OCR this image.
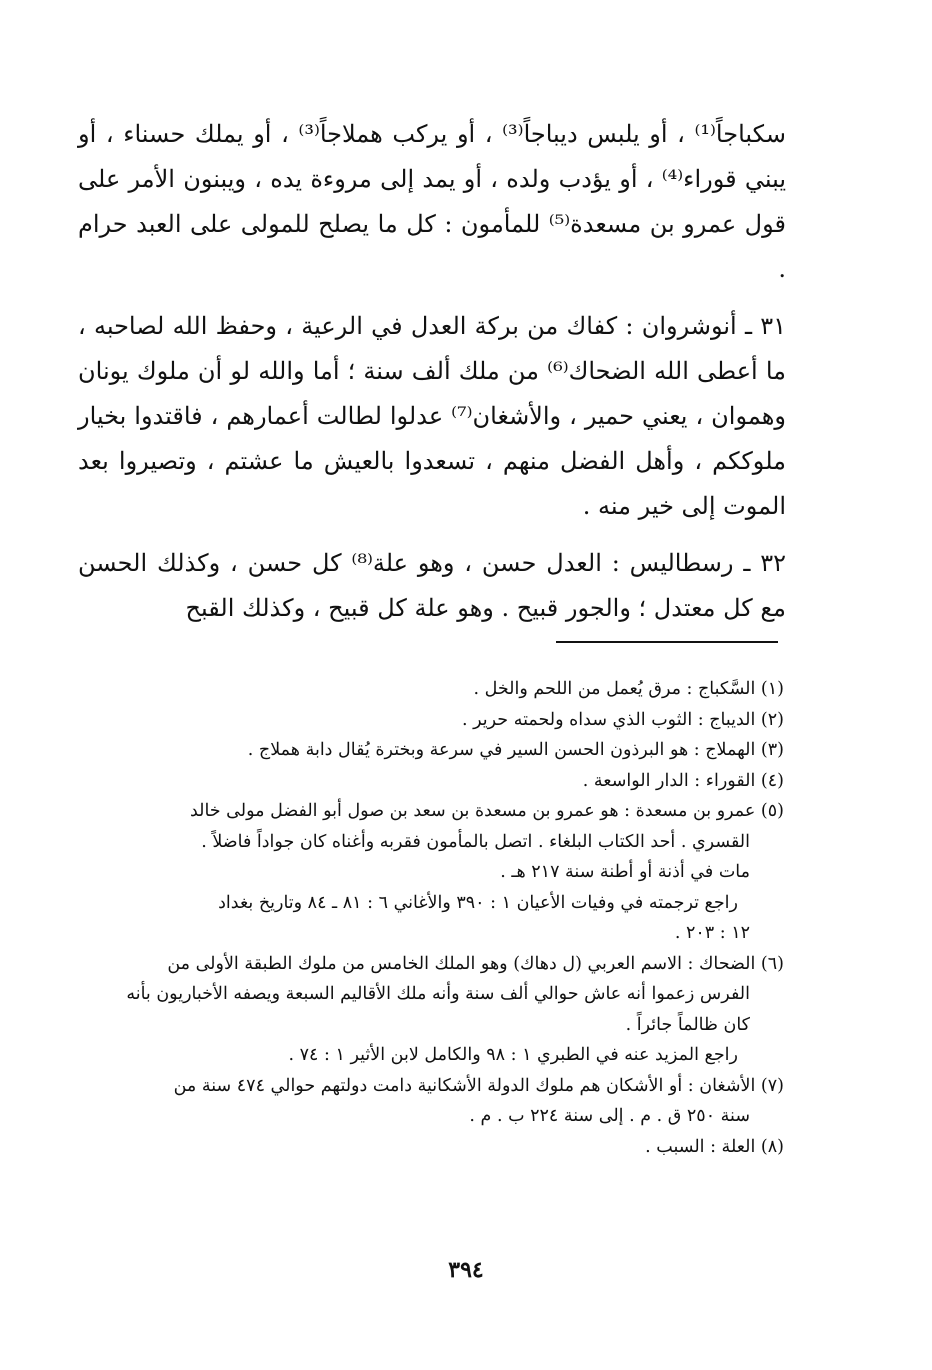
سكباجاً⁽¹⁾ ، أو يلبس ديباجاً⁽³⁾ ، أو يركب هملاجاً⁽³⁾ ، أو يملك حسناء ، أو يبني قوراء⁽⁴⁾ ، أو يؤدب ولده ، أو يمد إلى مروءة يده ، ويبنون الأمر على قول عمرو بن مسعدة⁽⁵⁾ للمأمون : كل ما يصلح للمولى على العبد حرام .

٣١ ـ أنوشروان : كفاك من بركة العدل في الرعية ، وحفظ الله لصاحبه ، ما أعطى الله الضحاك⁽⁶⁾ من ملك ألف سنة ؛ أما والله لو أن ملوك يونان وهموان ، يعني حمير ، والأشغان⁽⁷⁾ عدلوا لطالت أعمارهم ، فاقتدوا بخيار ملوككم ، وأهل الفضل منهم ، تسعدوا بالعيش ما عشتم ، وتصيروا بعد الموت إلى خير منه .

٣٢ ـ رسطاليس : العدل حسن ، وهو علة⁽⁸⁾ كل حسن ، وكذلك الحسن مع كل معتدل ؛ والجور قبيح . وهو علة كل قبيح ، وكذلك القبح

(١) السَّكباج : مرق يُعمل من اللحم والخل .

(٢) الديباج : الثوب الذي سداه ولحمته حرير .

(٣) الهملاج : هو البرذون الحسن السير في سرعة وبخترة يُقال دابة هملاج .

(٤) القوراء : الدار الواسعة .

(٥) عمرو بن مسعدة : هو عمرو بن مسعدة بن سعد بن صول أبو الفضل مولى خالد

القسري . أحد الكتاب البلغاء . اتصل بالمأمون فقربه وأغناه كان جواداً فاضلاً .

مات في أذنة أو أطنة سنة ٢١٧ هـ .

راجع ترجمته في وفيات الأعيان ١ : ٣٩٠ والأغاني ٦ : ٨١ ـ ٨٤ وتاريخ بغداد

١٢ : ٢٠٣ .

(٦) الضحاك : الاسم العربي (ل دهاك) وهو الملك الخامس من ملوك الطبقة الأولى من

الفرس زعموا أنه عاش حوالي ألف سنة وأنه ملك الأقاليم السبعة ويصفه الأخباريون بأنه

كان ظالماً جائراً .

راجع المزيد عنه في الطبري ١ : ٩٨ والكامل لابن الأثير ١ : ٧٤ .

(٧) الأشغان : أو الأشكان هم ملوك الدولة الأشكانية دامت دولتهم حوالي ٤٧٤ سنة من

سنة ٢٥٠ ق . م . إلى سنة ٢٢٤ ب . م .

(٨) العلة : السبب .

٣٩٤
